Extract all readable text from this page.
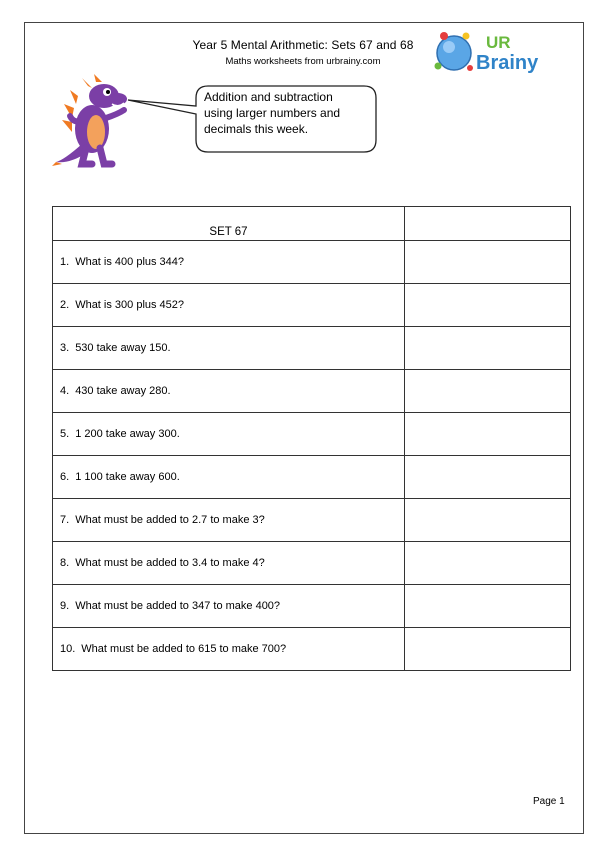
Year 5 Mental Arithmetic: Sets 67 and 68
Maths worksheets from urbrainy.com
UR
Brainy
Addition and subtraction
using larger numbers and
decimals this week.
SET 67	
1. What is 400 plus 344?	
2. What is 300 plus 452?	
3. 530 take away 150.	
4. 430 take away 280.	
5. 1 200 take away 300.	
6. 1 100 take away 600.	
7. What must be added to 2.7 to make 3?	
8. What must be added to 3.4 to make 4?	
9. What must be added to 347 to make 400?	
10. What must be added to 615 to make 700?	
Page 1
